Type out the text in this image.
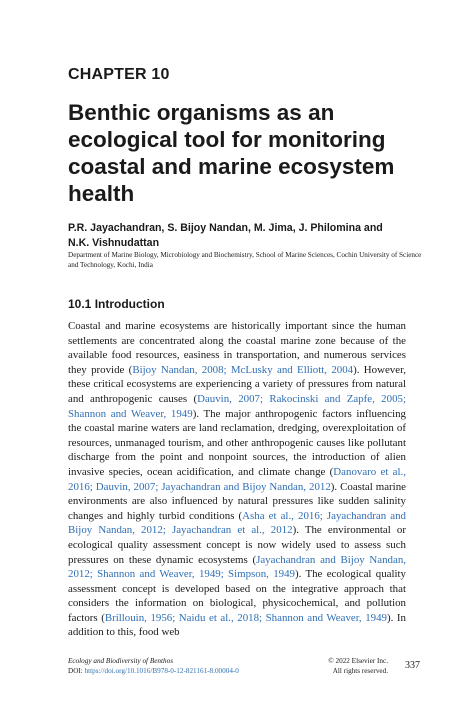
CHAPTER 10
Benthic organisms as an ecological tool for monitoring coastal and marine ecosystem health
P.R. Jayachandran, S. Bijoy Nandan, M. Jima, J. Philomina and
N.K. Vishnudattan
Department of Marine Biology, Microbiology and Biochemistry, School of Marine Sciences, Cochin University of Science and Technology, Kochi, India
10.1 Introduction
Coastal and marine ecosystems are historically important since the human settlements are concentrated along the coastal marine zone because of the available food resources, easiness in transportation, and numerous services they provide (Bijoy Nandan, 2008; McLusky and Elliott, 2004). However, these critical ecosystems are experiencing a variety of pressures from natural and anthropogenic causes (Dauvin, 2007; Rakocinski and Zapfe, 2005; Shannon and Weaver, 1949). The major anthropogenic factors influencing the coastal marine waters are land reclamation, dredging, overexploitation of resources, unmanaged tourism, and other anthropogenic causes like pollutant discharge from the point and nonpoint sources, the introduction of alien invasive species, ocean acidification, and climate change (Danovaro et al., 2016; Dauvin, 2007; Jayachandran and Bijoy Nandan, 2012). Coastal marine environments are also influenced by natural pressures like sudden salinity changes and highly turbid conditions (Asha et al., 2016; Jayachandran and Bijoy Nandan, 2012; Jayachandran et al., 2012). The environmental or ecological quality assessment concept is now widely used to assess such pressures on these dynamic ecosystems (Jayachandran and Bijoy Nandan, 2012; Shannon and Weaver, 1949; Simpson, 1949). The ecological quality assessment concept is developed based on the integrative approach that considers the information on biological, physicochemical, and pollution factors (Brillouin, 1956; Naidu et al., 2018; Shannon and Weaver, 1949). In addition to this, food web
Ecology and Biodiversity of Benthos
DOI: https://doi.org/10.1016/B978-0-12-821161-8.00004-0
© 2022 Elsevier Inc.
All rights reserved.	337
